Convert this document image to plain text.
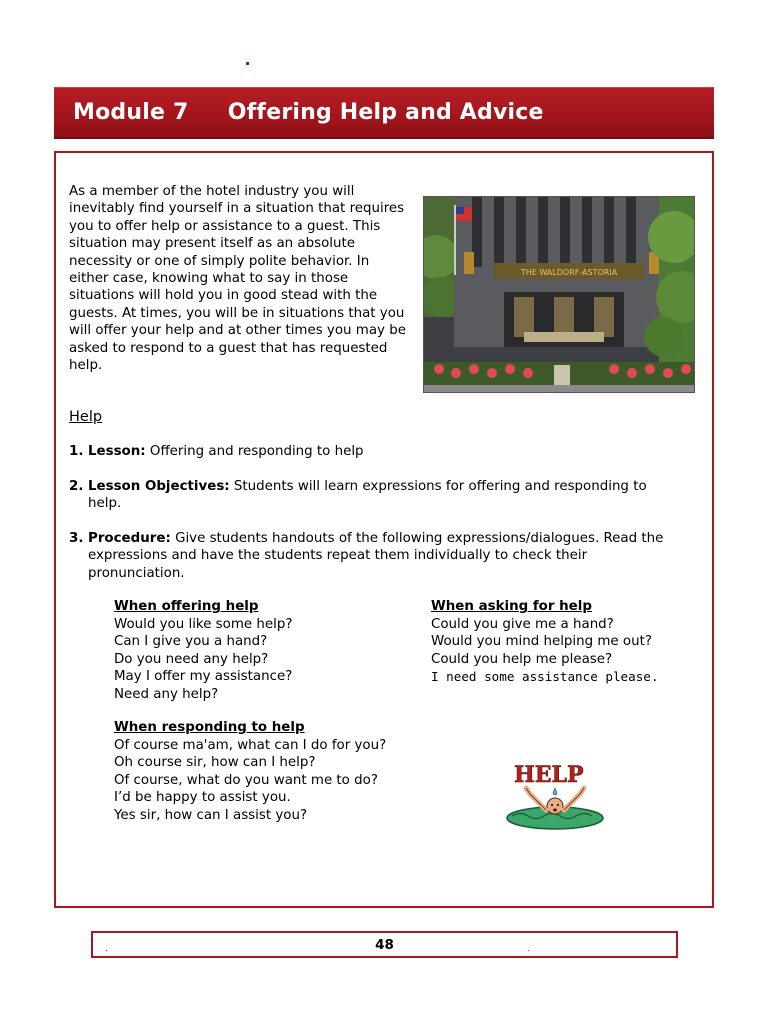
Module 7 Offering Help and Advice
As a member of the hotel industry you will inevitably find yourself in a situation that requires you to offer help or assistance to a guest. This situation may present itself as an absolute necessity or one of simply polite behavior. In either case, knowing what to say in those situations will hold you in good stead with the guests. At times, you will be in situations that you will offer your help and at other times you may be asked to respond to a guest that has requested help.
THE WALDORF-ASTORIA
Help
1. Lesson: Offering and responding to help
2. Lesson Objectives: Students will learn expressions for offering and responding to
help.
3. Procedure: Give students handouts of the following expressions/dialogues. Read the
expressions and have the students repeat them individually to check their
pronunciation.
When offering help
Would you like some help?
Can I give you a hand?
Do you need any help?
May I offer my assistance?
Need any help?
When asking for help
Could you give me a hand?
Would you mind helping me out?
Could you help me please?
I need some assistance please.
When responding to help
Of course ma'am, what can I do for you?
Oh course sir, how can I help?
Of course, what do you want me to do?
I’d be happy to assist you.
Yes sir, how can I assist you?
HELP
.	48	.
